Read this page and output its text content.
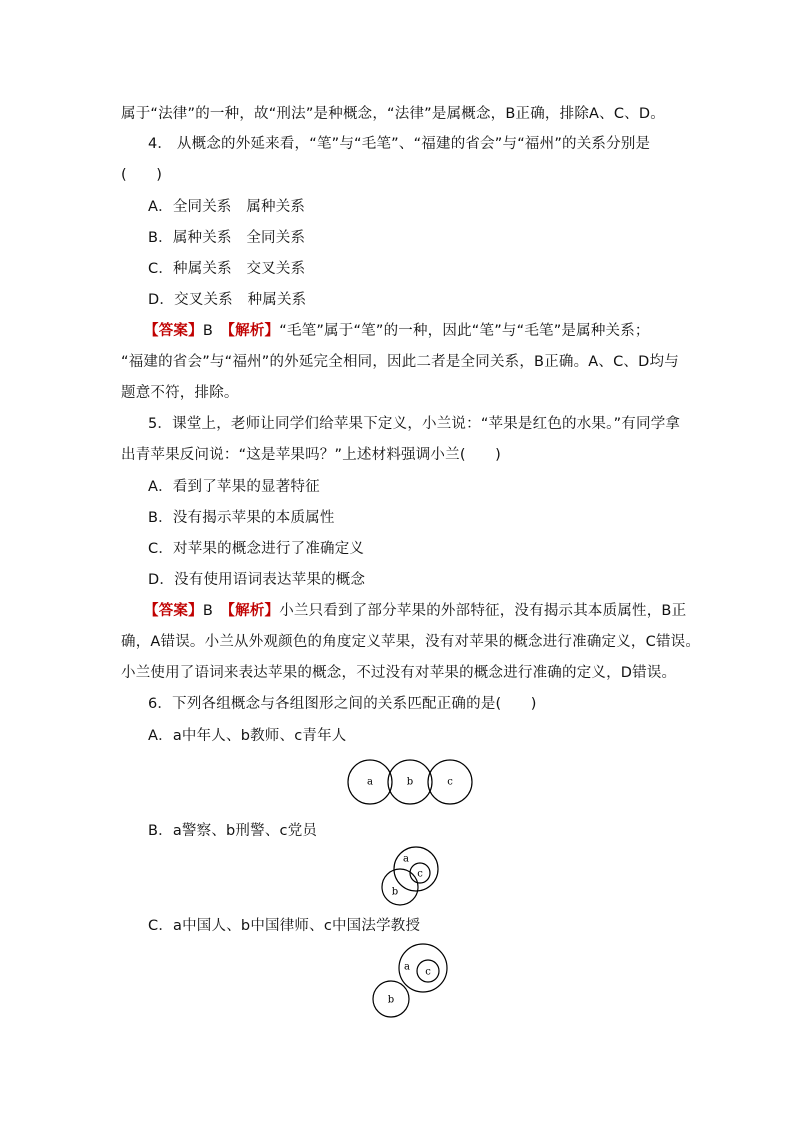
属于“法律”的一种，故“刑法”是种概念，“法律”是属概念，B正确，排除A、C、D。
4． 从概念的外延来看，“笔”与“毛笔”、“福建的省会”与“福州”的关系分别是
(　　)
A．全同关系　属种关系
B．属种关系　全同关系
C．种属关系　交叉关系
D．交叉关系　种属关系
【答案】B　 【解析】“毛笔”属于“笔”的一种，因此“笔”与“毛笔”是属种关系；
“福建的省会”与“福州”的外延完全相同，因此二者是全同关系，B正确。A、C、D均与
题意不符，排除。
5．课堂上，老师让同学们给苹果下定义，小兰说：“苹果是红色的水果。”有同学拿
出青苹果反问说：“这是苹果吗？”上述材料强调小兰(　　)
A．看到了苹果的显著特征
B．没有揭示苹果的本质属性
C．对苹果的概念进行了准确定义
D．没有使用语词表达苹果的概念
【答案】B　 【解析】小兰只看到了部分苹果的外部特征，没有揭示其本质属性，B正
确，A错误。小兰从外观颜色的角度定义苹果，没有对苹果的概念进行准确定义，C错误。
小兰使用了语词来表达苹果的概念，不过没有对苹果的概念进行准确的定义，D错误。
6．下列各组概念与各组图形之间的关系匹配正确的是(　　)
A．a中年人、b教师、c青年人
a	b	c
B．a警察、b刑警、c党员
a
c
b
C．a中国人、b中国律师、c中国法学教授
a c
b
